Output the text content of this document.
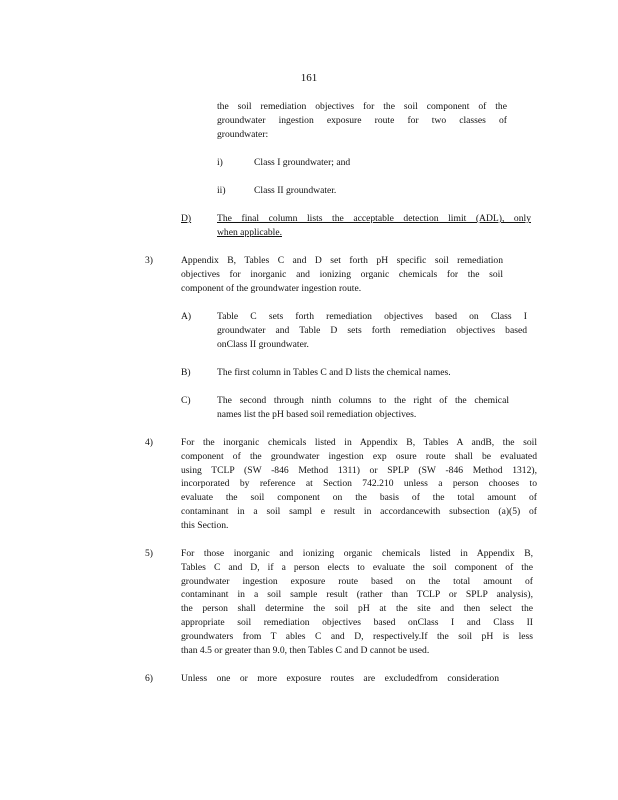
161
the soil remediation objectives for the soil component of the
groundwater ingestion exposure route for two classes of
groundwater:
i)	Class I groundwater; and
ii)	Class II groundwater.
D)	The final column lists the acceptable detection limit (ADL), only
when applicable.
3)	Appendix B, Tables C and D set forth pH specific soil remediation
objectives for inorganic and ionizing organic chemicals for the soil
component of the groundwater ingestion route.
A)	Table C sets forth remediation objectives based on Class I
groundwater and Table D sets forth remediation objectives based
onClass II groundwater.
B)	The first column in Tables C and D lists the chemical names.
C)	The second through ninth columns to the right of the chemical
names list the pH based soil remediation objectives.
4)	For the inorganic chemicals listed in Appendix B, Tables A andB, the soil
component of the groundwater ingestion exp osure route shall be evaluated
using TCLP (SW -846 Method 1311) or SPLP (SW -846 Method 1312),
incorporated by reference at Section 742.210 unless a person chooses to
evaluate the soil component on the basis of the total amount of
contaminant in a soil sampl e result in accordancewith subsection (a)(5) of
this Section.
5)	For those inorganic and ionizing organic chemicals listed in Appendix B,
Tables C and D, if a person elects to evaluate the soil component of the
groundwater ingestion exposure route based on the total amount of
contaminant in a soil sample result (rather than TCLP or SPLP analysis),
the person shall determine the soil pH at the site and then select the
appropriate soil remediation objectives based onClass I and Class II
groundwaters from T ables C and D, respectively.If the soil pH is less
than 4.5 or greater than 9.0, then Tables C and D cannot be used.
6)	Unless one or more exposure routes are excludedfrom consideration
